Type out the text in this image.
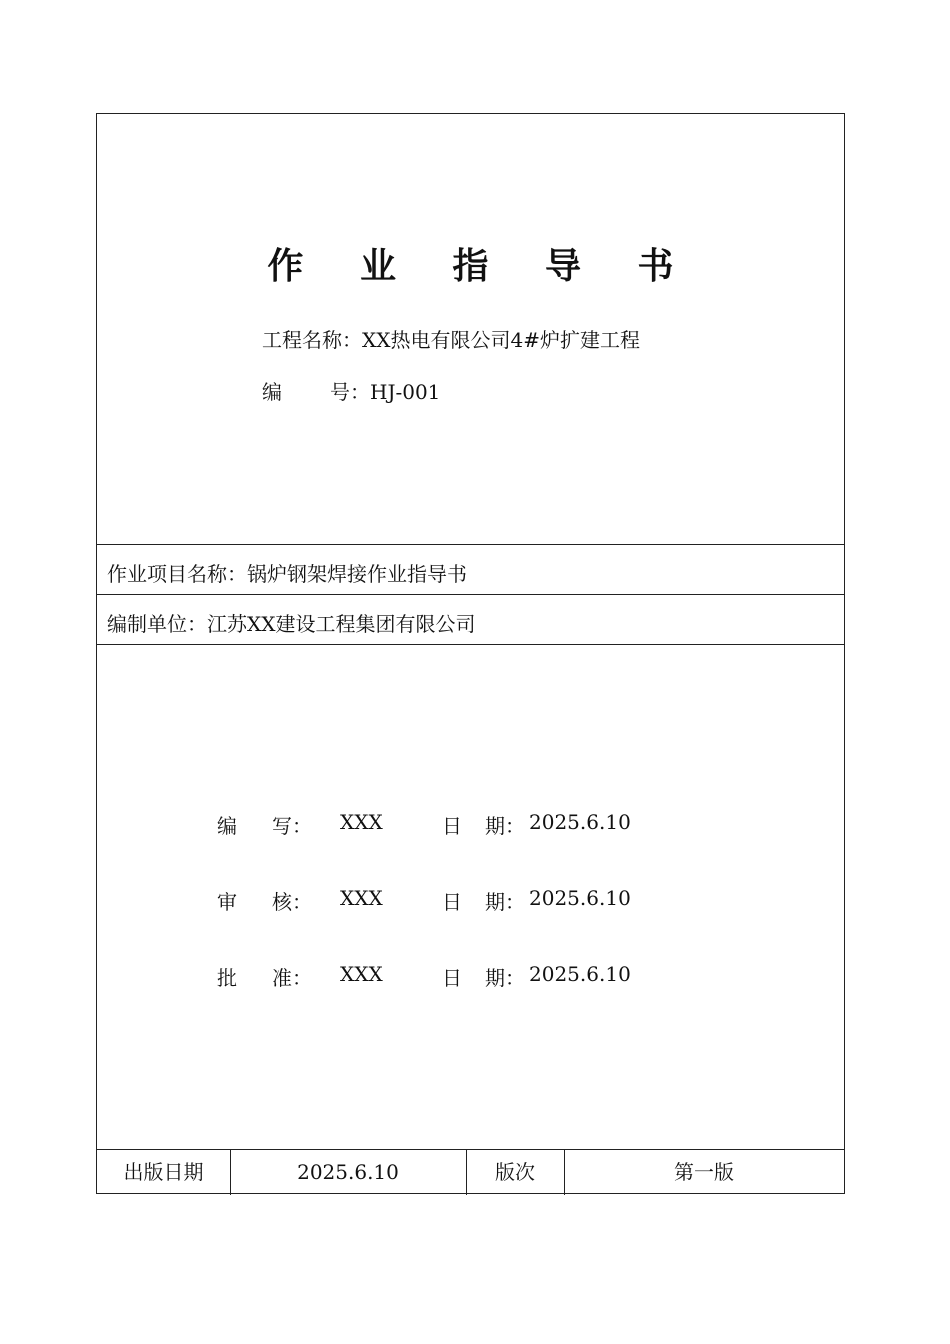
作 业 指 导 书
工程名称：XX热电有限公司4#炉扩建工程
编 号：HJ-001
作业项目名称：锅炉钢架焊接作业指导书
编制单位：江苏XX建设工程集团有限公司
编 写： XXX	日 期： 2025.6.10
审 核： XXX	日 期： 2025.6.10
批 准： XXX	日 期： 2025.6.10
出版日期	2025.6.10	版次	第一版
